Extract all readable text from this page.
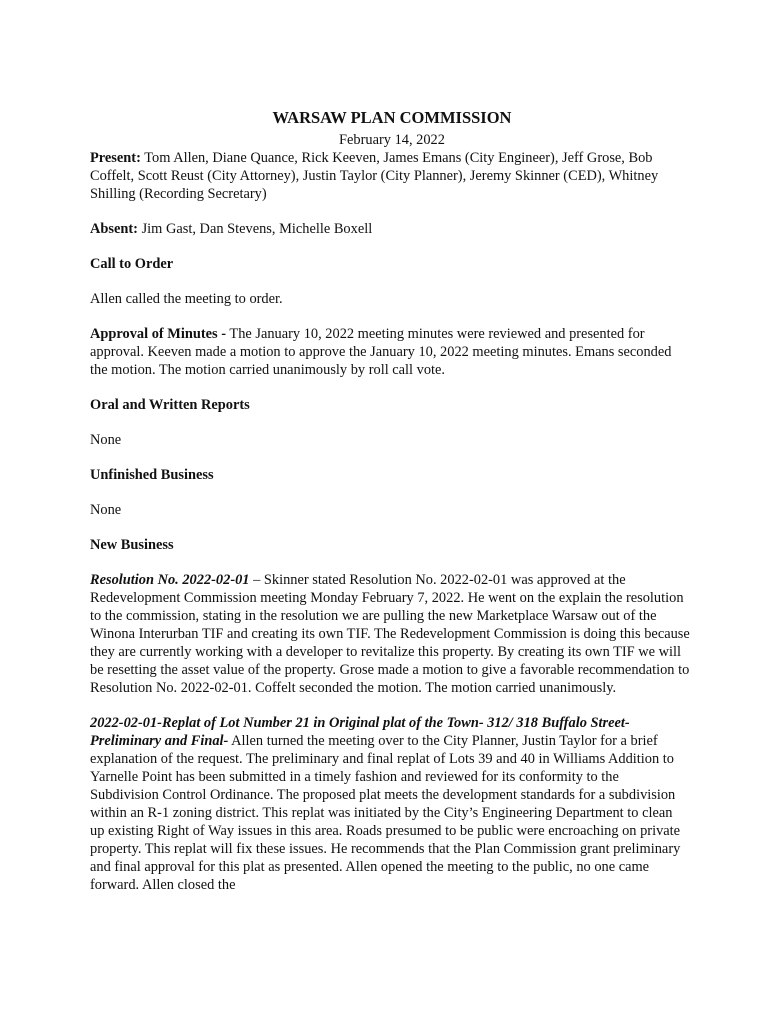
WARSAW PLAN COMMISSION
February 14, 2022

Present: Tom Allen, Diane Quance, Rick Keeven, James Emans (City Engineer), Jeff Grose, Bob Coffelt, Scott Reust (City Attorney), Justin Taylor (City Planner), Jeremy Skinner (CED), Whitney Shilling (Recording Secretary)

Absent: Jim Gast, Dan Stevens, Michelle Boxell

Call to Order

Allen called the meeting to order.

Approval of Minutes - The January 10, 2022 meeting minutes were reviewed and presented for approval. Keeven made a motion to approve the January 10, 2022 meeting minutes. Emans seconded the motion. The motion carried unanimously by roll call vote.

Oral and Written Reports

None

Unfinished Business

None

New Business

Resolution No. 2022-02-01 – Skinner stated Resolution No. 2022-02-01 was approved at the Redevelopment Commission meeting Monday February 7, 2022. He went on the explain the resolution to the commission, stating in the resolution we are pulling the new Marketplace Warsaw out of the Winona Interurban TIF and creating its own TIF. The Redevelopment Commission is doing this because they are currently working with a developer to revitalize this property. By creating its own TIF we will be resetting the asset value of the property. Grose made a motion to give a favorable recommendation to Resolution No. 2022-02-01. Coffelt seconded the motion. The motion carried unanimously.

2022-02-01-Replat of Lot Number 21 in Original plat of the Town- 312/ 318 Buffalo Street- Preliminary and Final- Allen turned the meeting over to the City Planner, Justin Taylor for a brief explanation of the request. The preliminary and final replat of Lots 39 and 40 in Williams Addition to Yarnelle Point has been submitted in a timely fashion and reviewed for its conformity to the Subdivision Control Ordinance. The proposed plat meets the development standards for a subdivision within an R-1 zoning district. This replat was initiated by the City’s Engineering Department to clean up existing Right of Way issues in this area. Roads presumed to be public were encroaching on private property. This replat will fix these issues. He recommends that the Plan Commission grant preliminary and final approval for this plat as presented. Allen opened the meeting to the public, no one came forward. Allen closed the
